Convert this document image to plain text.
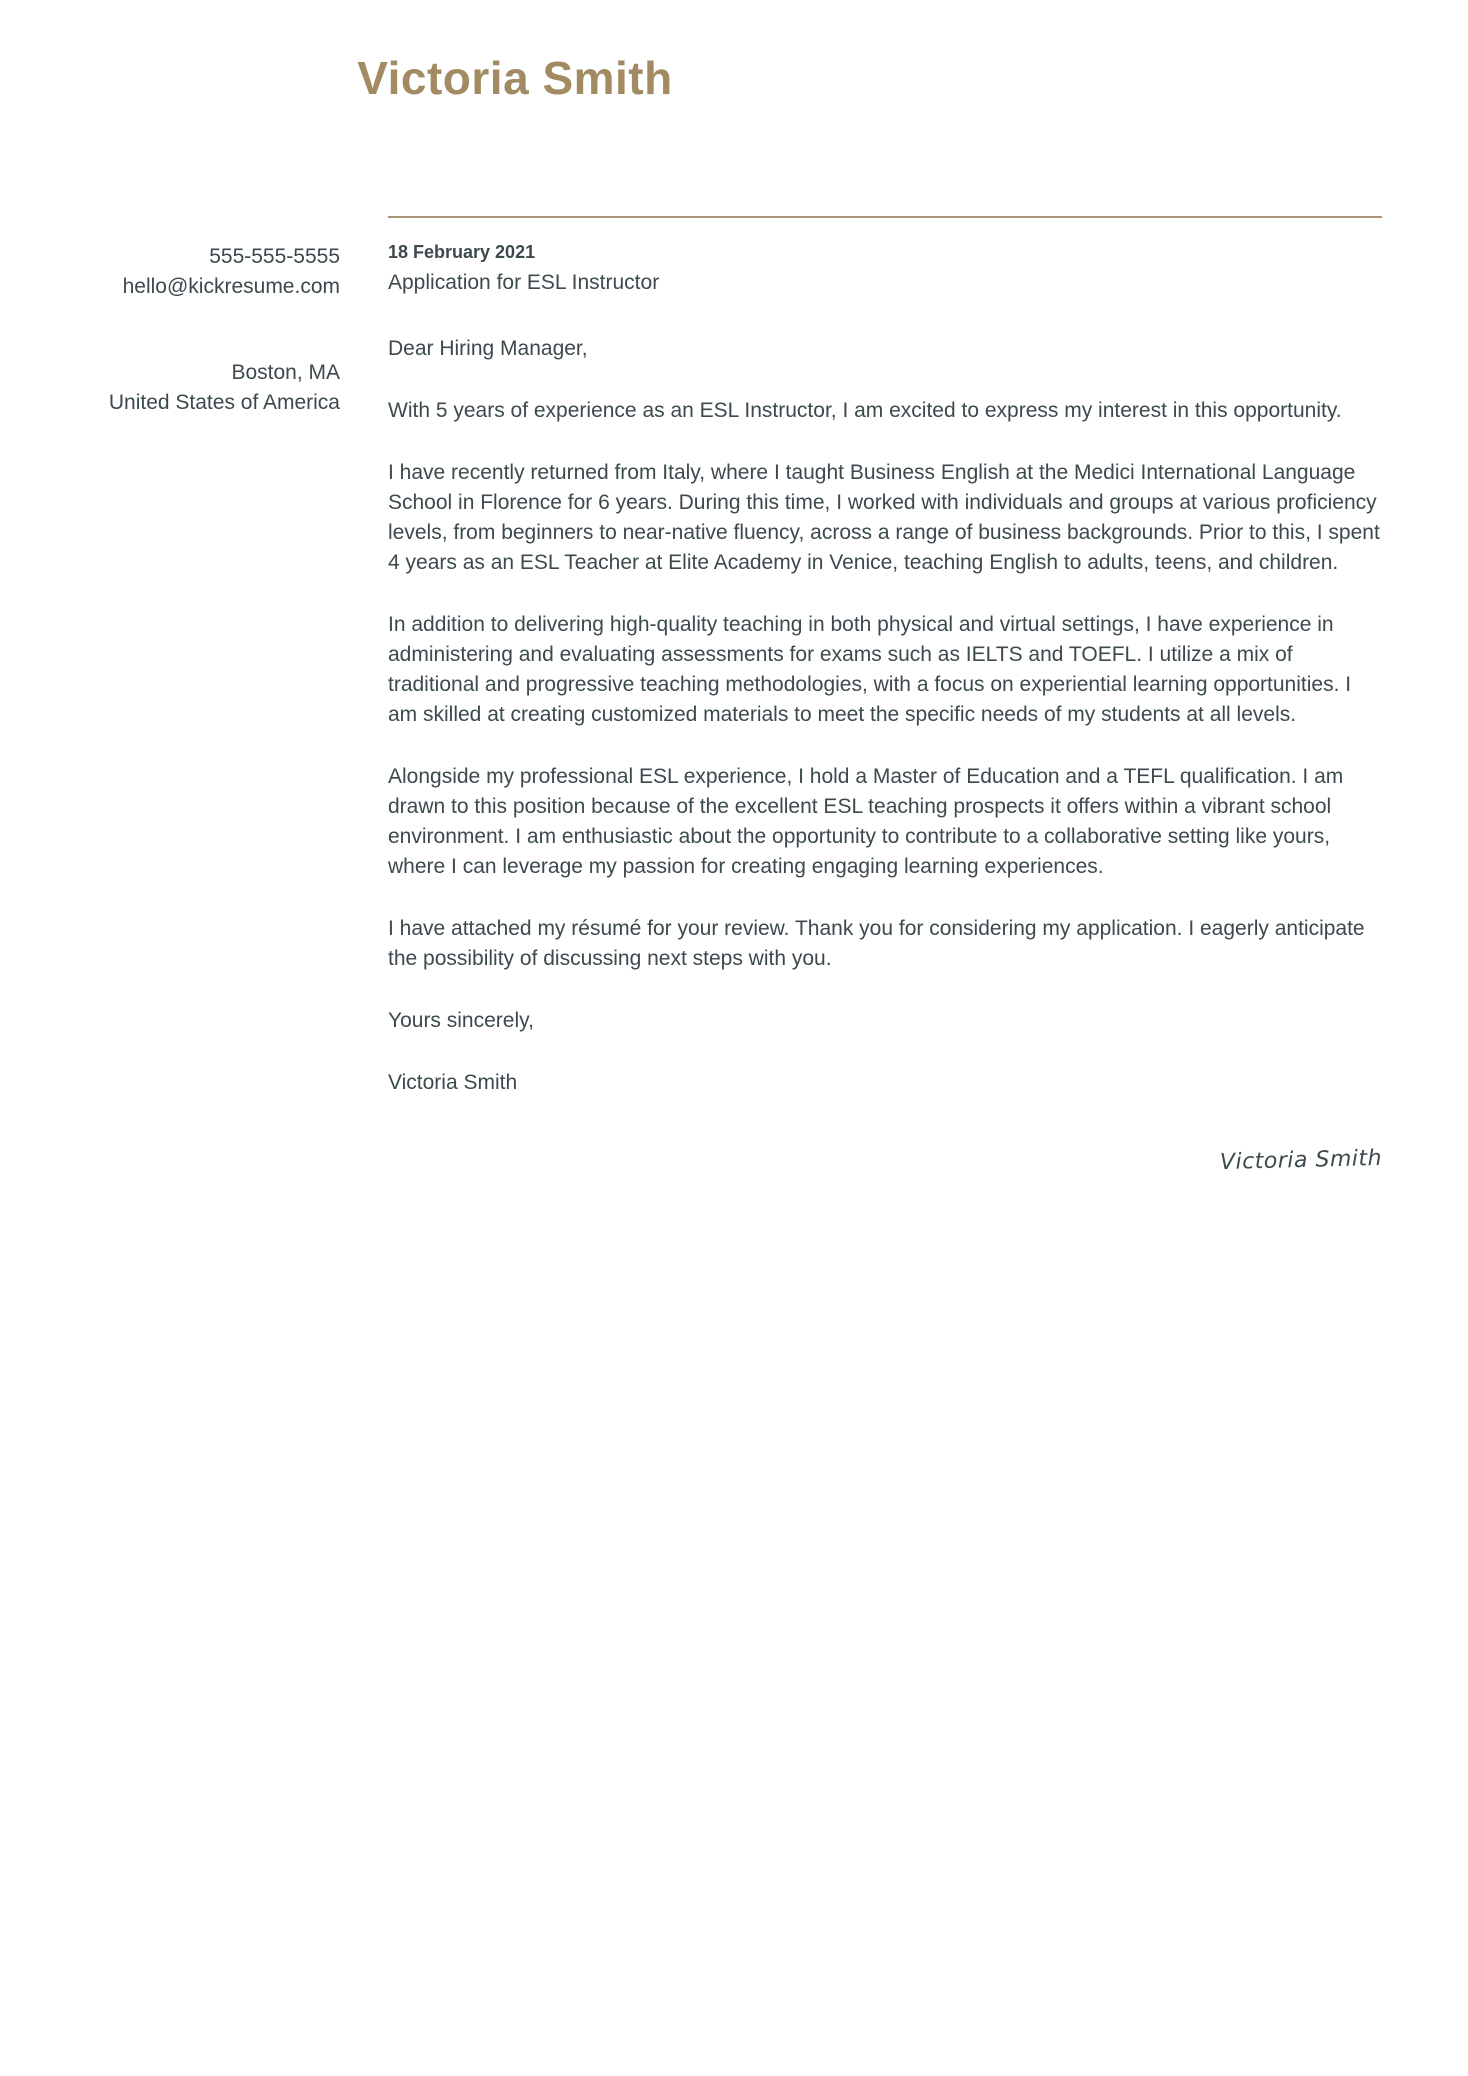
Victoria Smith
555-555-5555
hello@kickresume.com
Boston, MA
United States of America
18 February 2021
Application for ESL Instructor

Dear Hiring Manager,

With 5 years of experience as an ESL Instructor, I am excited to express my interest in this opportunity.

I have recently returned from Italy, where I taught Business English at the Medici International Language School in Florence for 6 years. During this time, I worked with individuals and groups at various proficiency levels, from beginners to near-native fluency, across a range of business backgrounds. Prior to this, I spent 4 years as an ESL Teacher at Elite Academy in Venice, teaching English to adults, teens, and children.

In addition to delivering high-quality teaching in both physical and virtual settings, I have experience in administering and evaluating assessments for exams such as IELTS and TOEFL. I utilize a mix of traditional and progressive teaching methodologies, with a focus on experiential learning opportunities. I am skilled at creating customized materials to meet the specific needs of my students at all levels.

Alongside my professional ESL experience, I hold a Master of Education and a TEFL qualification. I am drawn to this position because of the excellent ESL teaching prospects it offers within a vibrant school environment. I am enthusiastic about the opportunity to contribute to a collaborative setting like yours, where I can leverage my passion for creating engaging learning experiences.

I have attached my résumé for your review. Thank you for considering my application. I eagerly anticipate the possibility of discussing next steps with you.

Yours sincerely,

Victoria Smith

Victoria Smith
